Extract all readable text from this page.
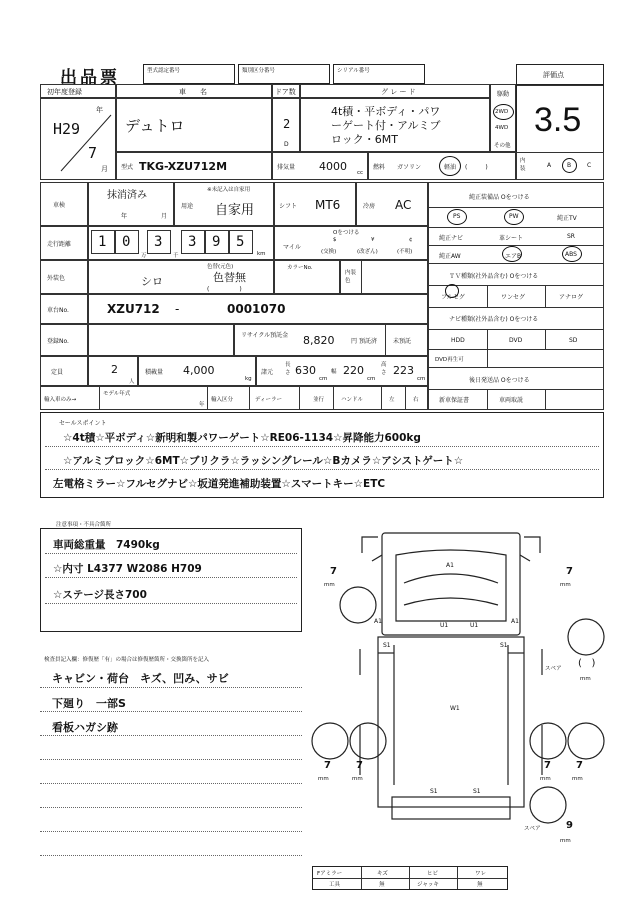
出品票	型式認定番号	類別区分番号	シリアル番号	評価点
3.5
初年度登録
年
H29
7
月
車　　名
デュトロ
ドア数
2
D
グ レ ー ド
4t積・平ボディ・パワ
ーゲート付・アルミブ
ロック・6MT
駆動
2WD
4WD
その他
型式 TKG-XZU712M	排気量 4000 cc
燃料 ガソリン	軽油 (　　　)
内装	A	B	C
車検
抹消済み
年	月
※未記入は自家用
用途 自家用	シフト MT6	冷房 AC
走行距離 1 0
万
3
千
3 9 5
km
Oをつける
マイル
$
(交換)
¥
(改ざん)
¢
(不明)
外装色
色替(元色)
シロ	色替無
(　　　　　)
カラーNo.
内装色
車台No.	XZU712 -	0001070
登録No.
リサイクル預託金 8,820	円 預託済	未預託
定員	2
人
積載量 4,000
kg
諸元
長さ 630
cm
幅 220
cm
高さ 223
cm
輸入車のみ→
モデル年式
年
輸入区分	ディーラー	並行	ハンドル	左	右
純正装備品 Oをつける
PS	PW	純正TV
純正ナビ	革シート	SR
純正AW	エアB	ABS
ＴＶ種類(社外品含む) Oをつける
フルセグ	ワンセグ	アナログ
ナビ種類(社外品含む) Oをつける
HDD	DVD	SD
DVD再生可
後日発送品 Oをつける
新車保証書	車両取説
セールスポイント
☆4t積☆平ボディ☆新明和製パワーゲート☆RE06-1134☆昇降能力600kg
☆アルミブロック☆6MT☆ブリクラ☆ラッシングレール☆Bカメラ☆アシストゲート☆
左電格ミラー☆フルセグナビ☆坂道発進補助装置☆スマートキー☆ETC
注意事項・不具合箇所
車両総重量　7490kg
☆内寸 L4377 W2086 H709
☆ステージ長さ700
検査員記入欄：修復歴「有」の場合は修復歴箇所・交換箇所を記入
キャビン・荷台　キズ、凹み、サビ
下廻り　一部S
看板ハガシ跡
A1
A1	A1
U1	U1
S1	S1
W1
S1	S1
7
mm
7
mm
スペア (   )
mm
7
mm
7
mm
7
mm
7
mm
スペア	9
mm
Fアミラー	キズ	ヒビ	ワレ
工具	無	ジャッキ	無
